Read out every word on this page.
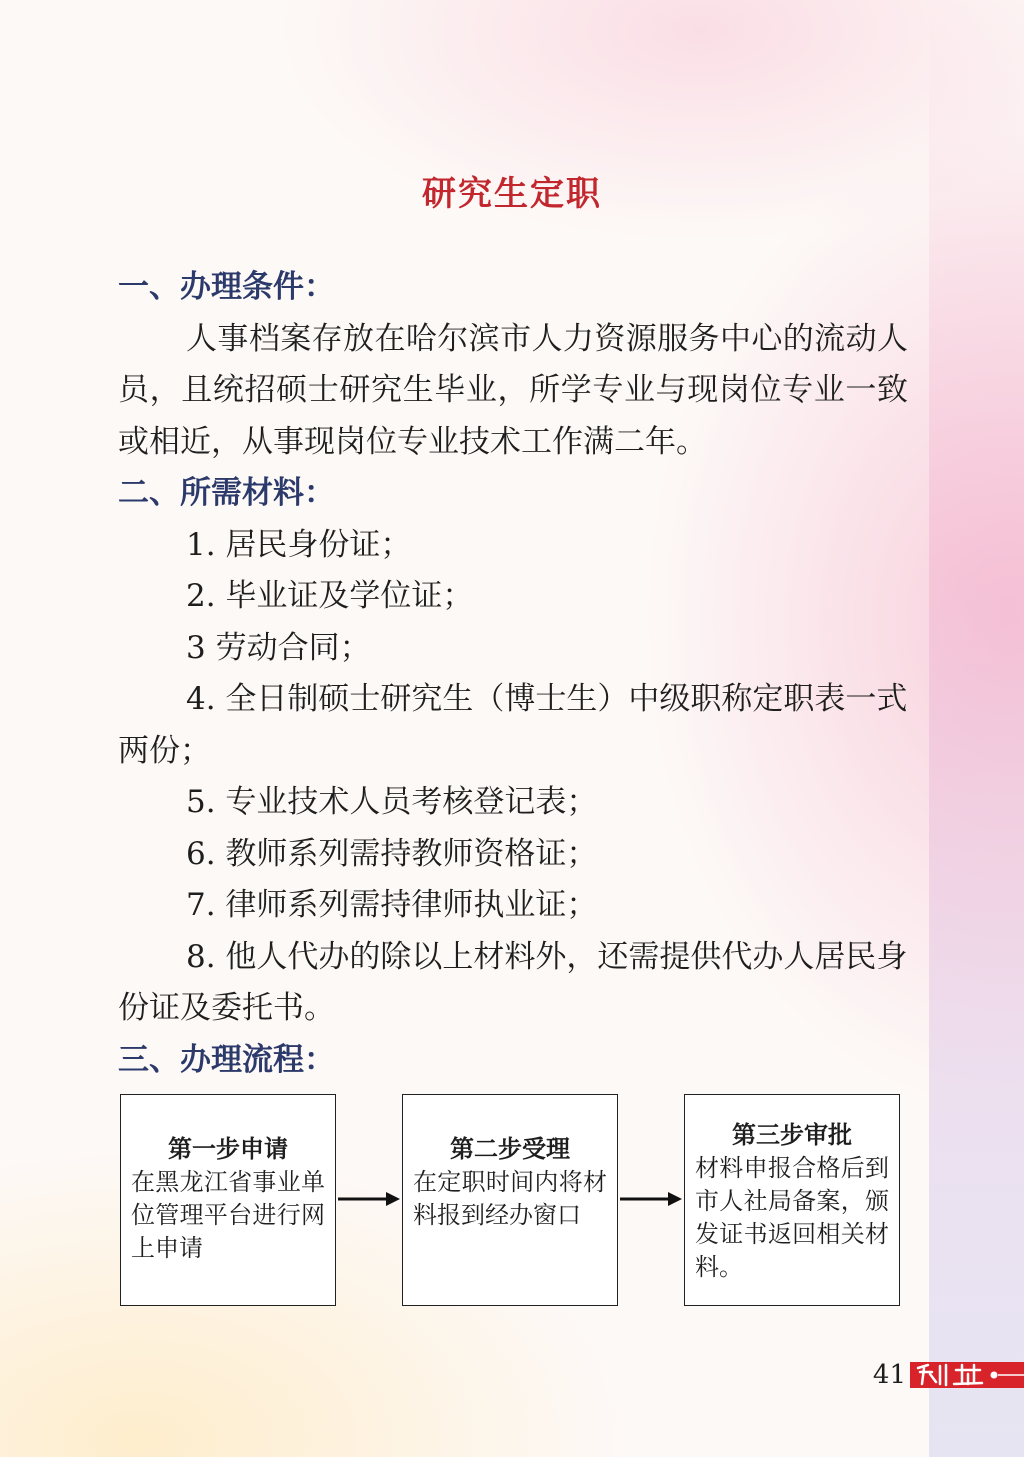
研究生定职
一、办理条件：
人事档案存放在哈尔滨市人力资源服务中心的流动人员，且统招硕士研究生毕业，所学专业与现岗位专业一致或相近，从事现岗位专业技术工作满二年。
二、所需材料：
1. 居民身份证；
2. 毕业证及学位证；
3 劳动合同；
4. 全日制硕士研究生（博士生）中级职称定职表一式两份；
5. 专业技术人员考核登记表；
6. 教师系列需持教师资格证；
7. 律师系列需持律师执业证；
8. 他人代办的除以上材料外，还需提供代办人居民身份证及委托书。
三、办理流程：
第一步申请
在黑龙江省事业单位管理平台进行网上申请
第二步受理
在定职时间内将材料报到经办窗口
第三步审批
材料申报合格后到市人社局备案，颁发证书返回相关材料。
41
